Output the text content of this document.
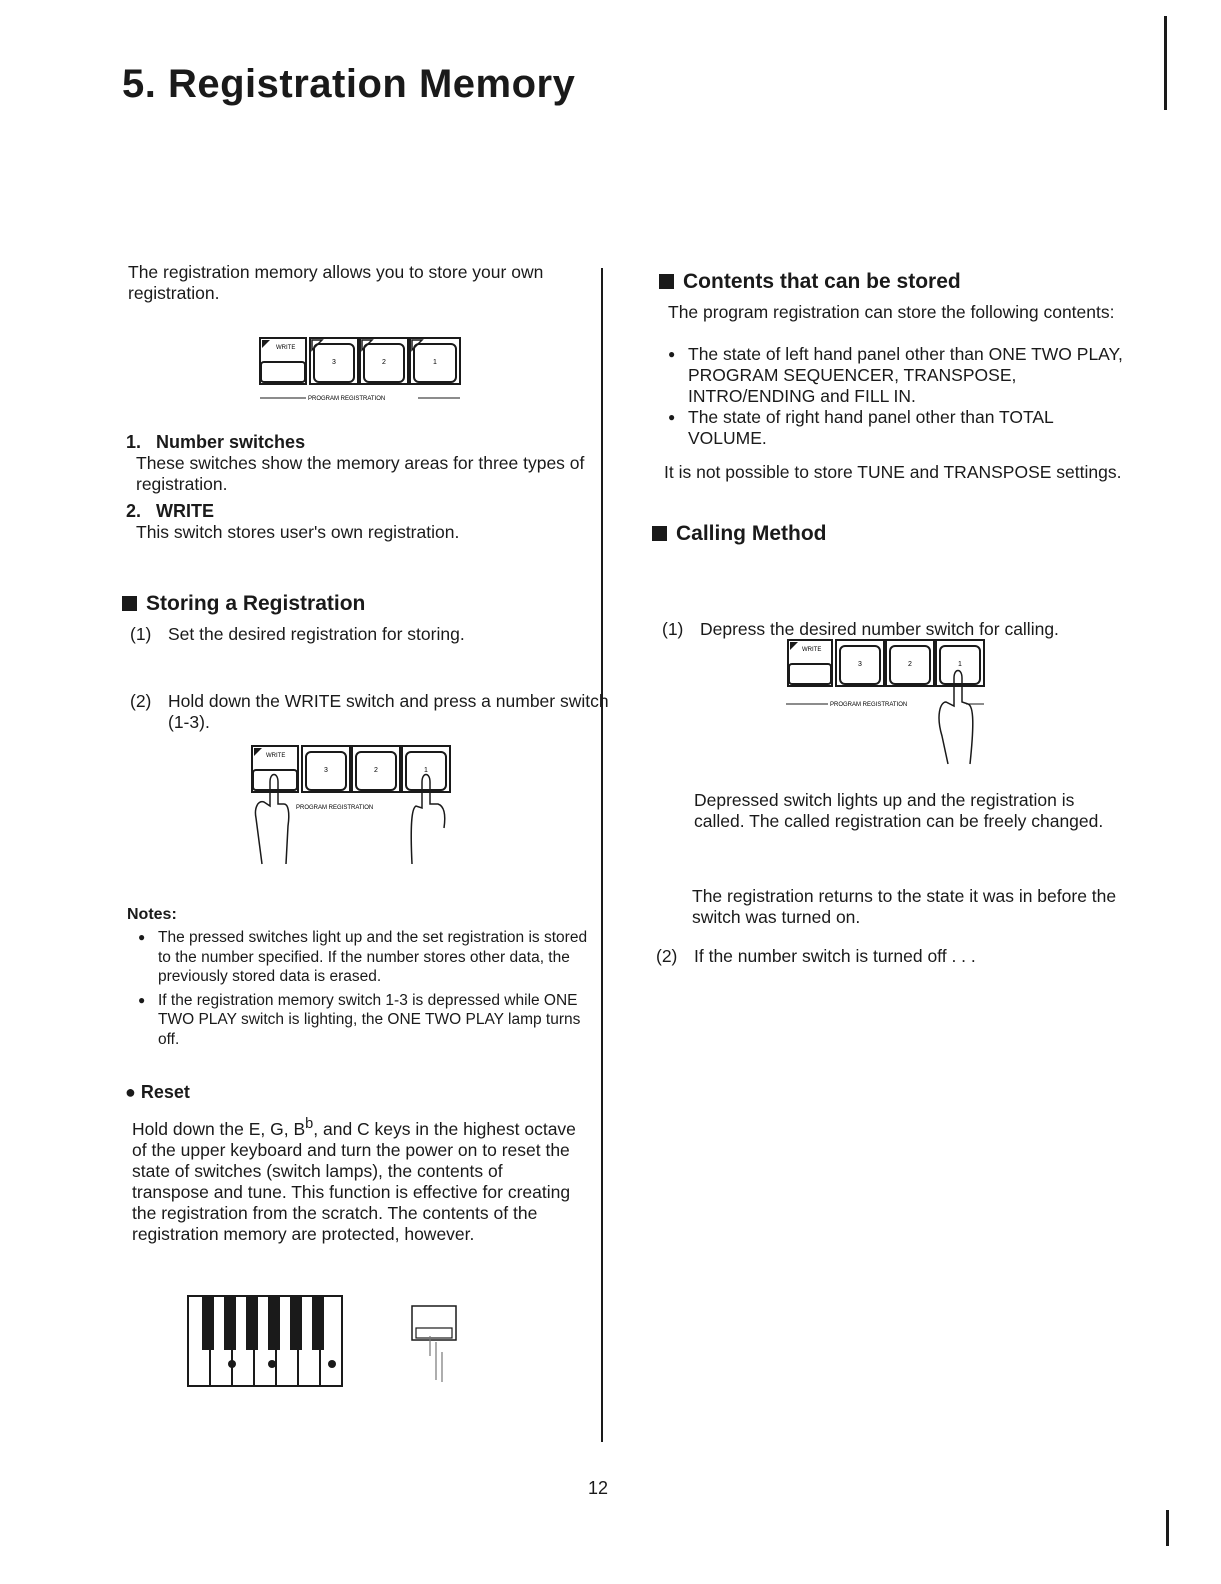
5. Registration Memory
The registration memory allows you to store your own registration.
WRITE
3	2	1
PROGRAM REGISTRATION
1. Number switches
These switches show the memory areas for three types of registration.
2. WRITE
This switch stores user's own registration.
Storing a Registration
(1) Set the desired registration for storing.
(2) Hold down the WRITE switch and press a number switch (1-3).
WRITE
3	2	1
PROGRAM REGISTRATION
Notes:
● The pressed switches light up and the set registration is stored to the number specified. If the number stores other data, the previously stored data is erased.
● If the registration memory switch 1-3 is depressed while ONE TWO PLAY switch is lighting, the ONE TWO PLAY lamp turns off.
● Reset
Hold down the E, G, $B^b$, and C keys in the highest octave of the upper keyboard and turn the power on to reset the state of switches (switch lamps), the contents of transpose and tune. This function is effective for creating the registration from the scratch. The contents of the registration memory are protected, however.
Contents that can be stored
The program registration can store the following contents:
● The state of left hand panel other than ONE TWO PLAY, PROGRAM SEQUENCER, TRANSPOSE, INTRO/ENDING and FILL IN.
● The state of right hand panel other than TOTAL VOLUME.
It is not possible to store TUNE and TRANSPOSE settings.
Calling Method
(1) Depress the desired number switch for calling.
WRITE
3	2	1
PROGRAM REGISTRATION
Depressed switch lights up and the registration is called. The called registration can be freely changed.
(2) If the number switch is turned off . . .
The registration returns to the state it was in before the switch was turned on.
12
